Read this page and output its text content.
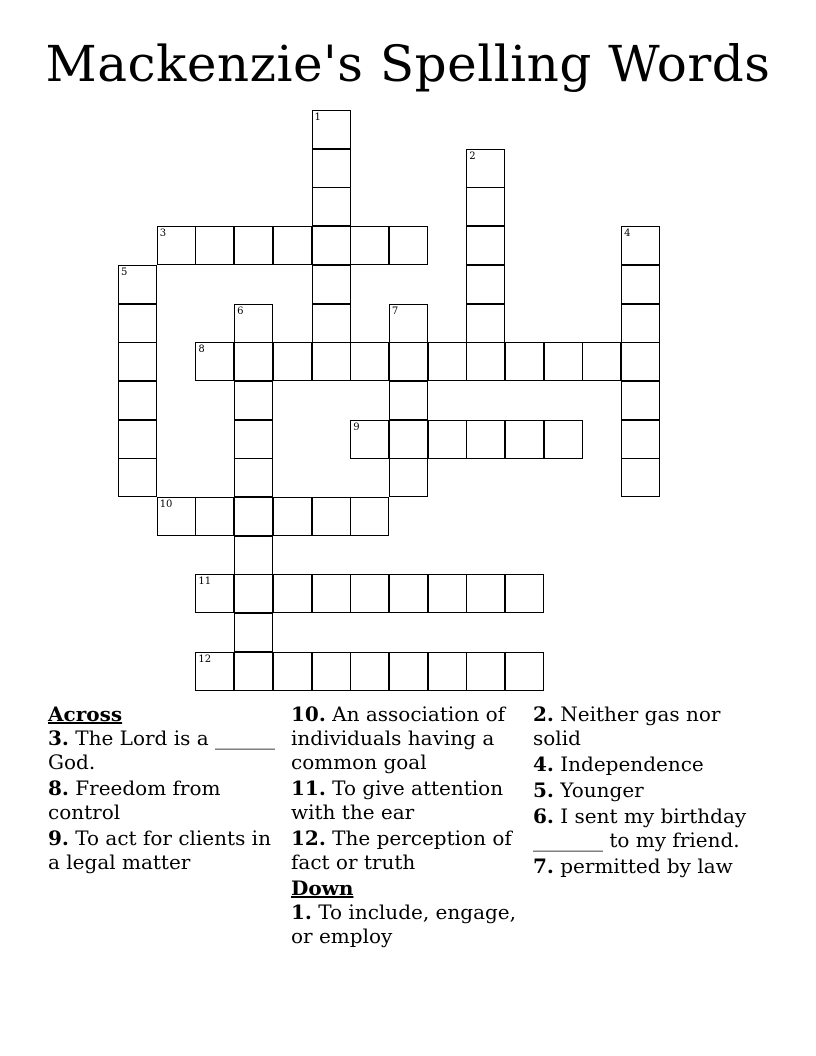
Mackenzie's Spelling Words
1
2
3	4
5
6	7
8
9
10
11
12
Across
3. The Lord is a ______ God.
8. Freedom from control
9. To act for clients in a legal matter
10. An association of individuals having a common goal
11. To give attention with the ear
12. The perception of fact or truth
Down
1. To include, engage, or employ
2. Neither gas nor solid
4. Independence
5. Younger
6. I sent my birthday _______ to my friend.
7. permitted by law
